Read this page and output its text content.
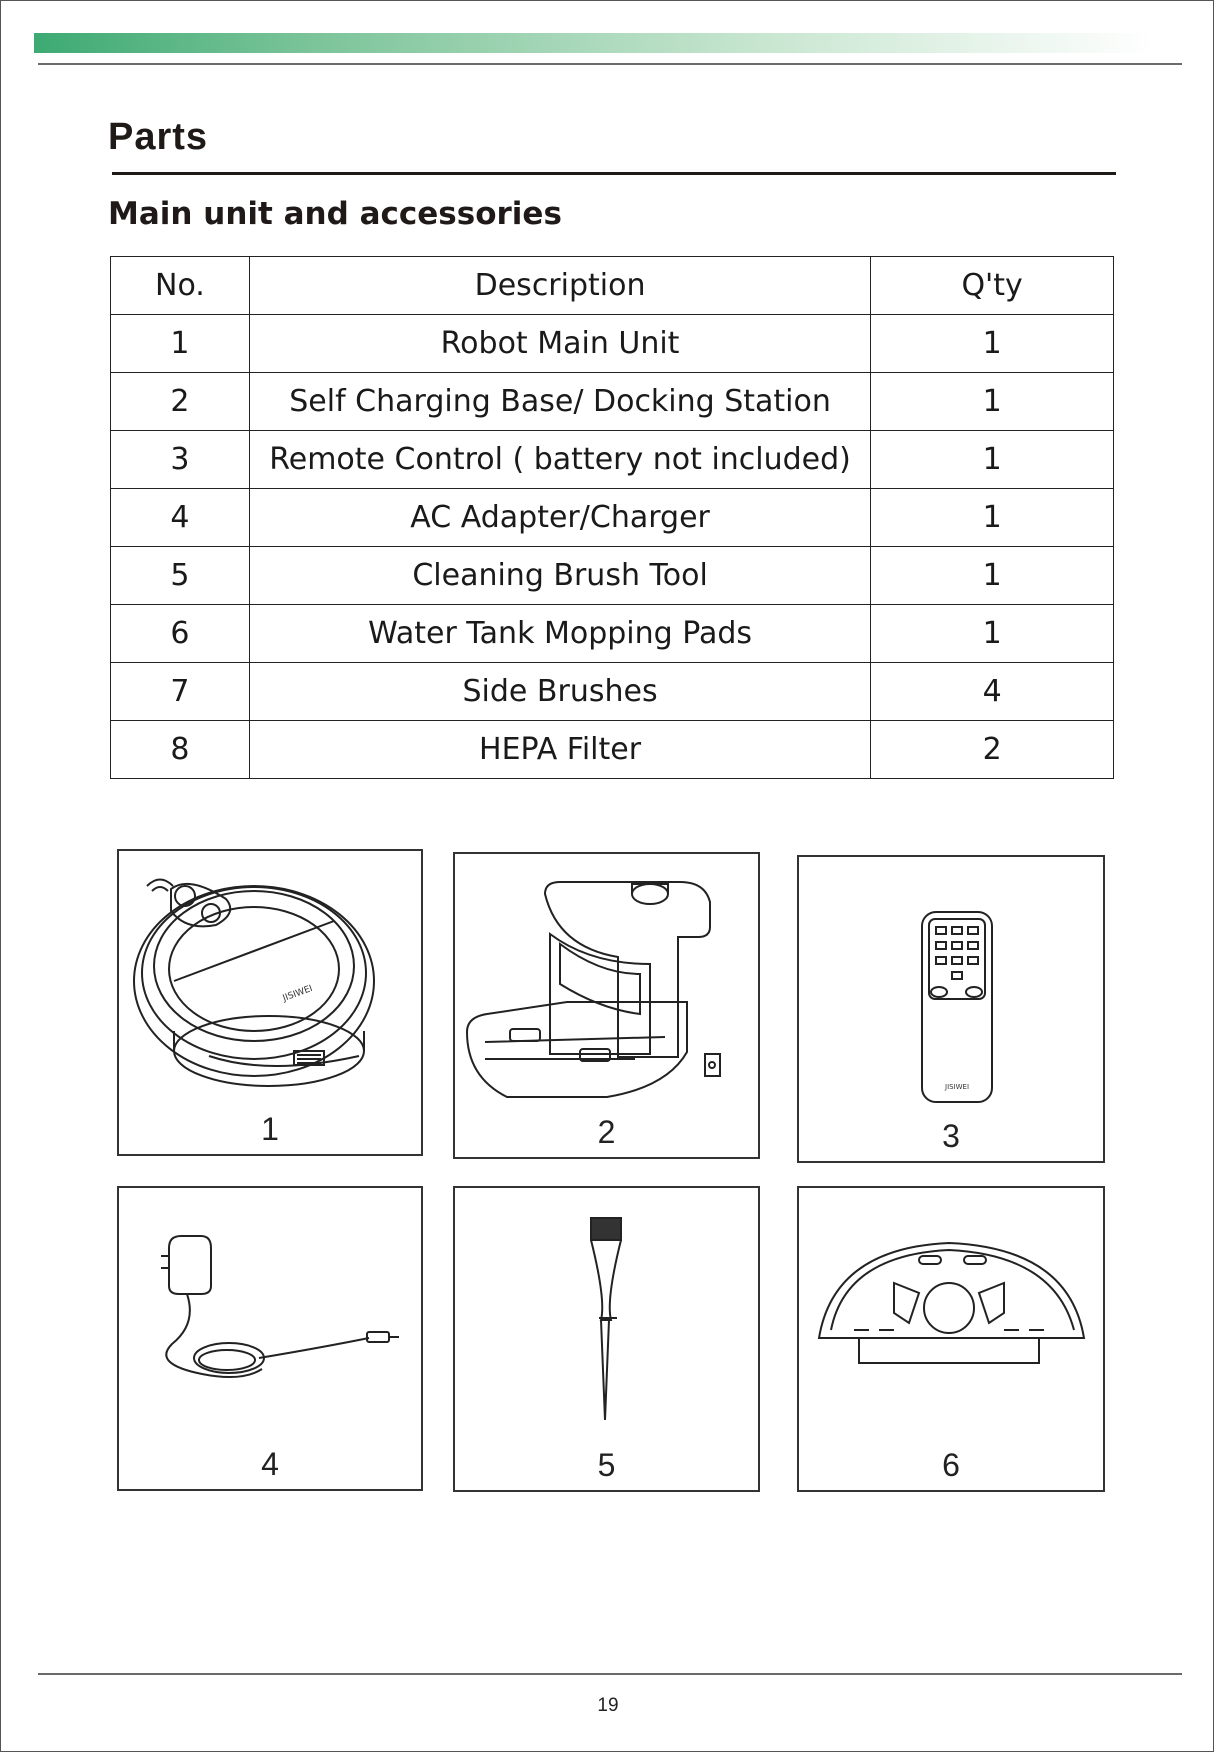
Parts
Main unit and accessories
No.	Description	Q'ty
1	Robot Main Unit	1
2	Self Charging Base/ Docking Station	1
3	Remote Control ( battery not included)	1
4	AC Adapter/Charger	1
5	Cleaning Brush Tool	1
6	Water Tank Mopping Pads	1
7	Side Brushes	4
8	HEPA Filter	2
JISIWEI
1	2
JISIWEI
3
4	5	6
19
